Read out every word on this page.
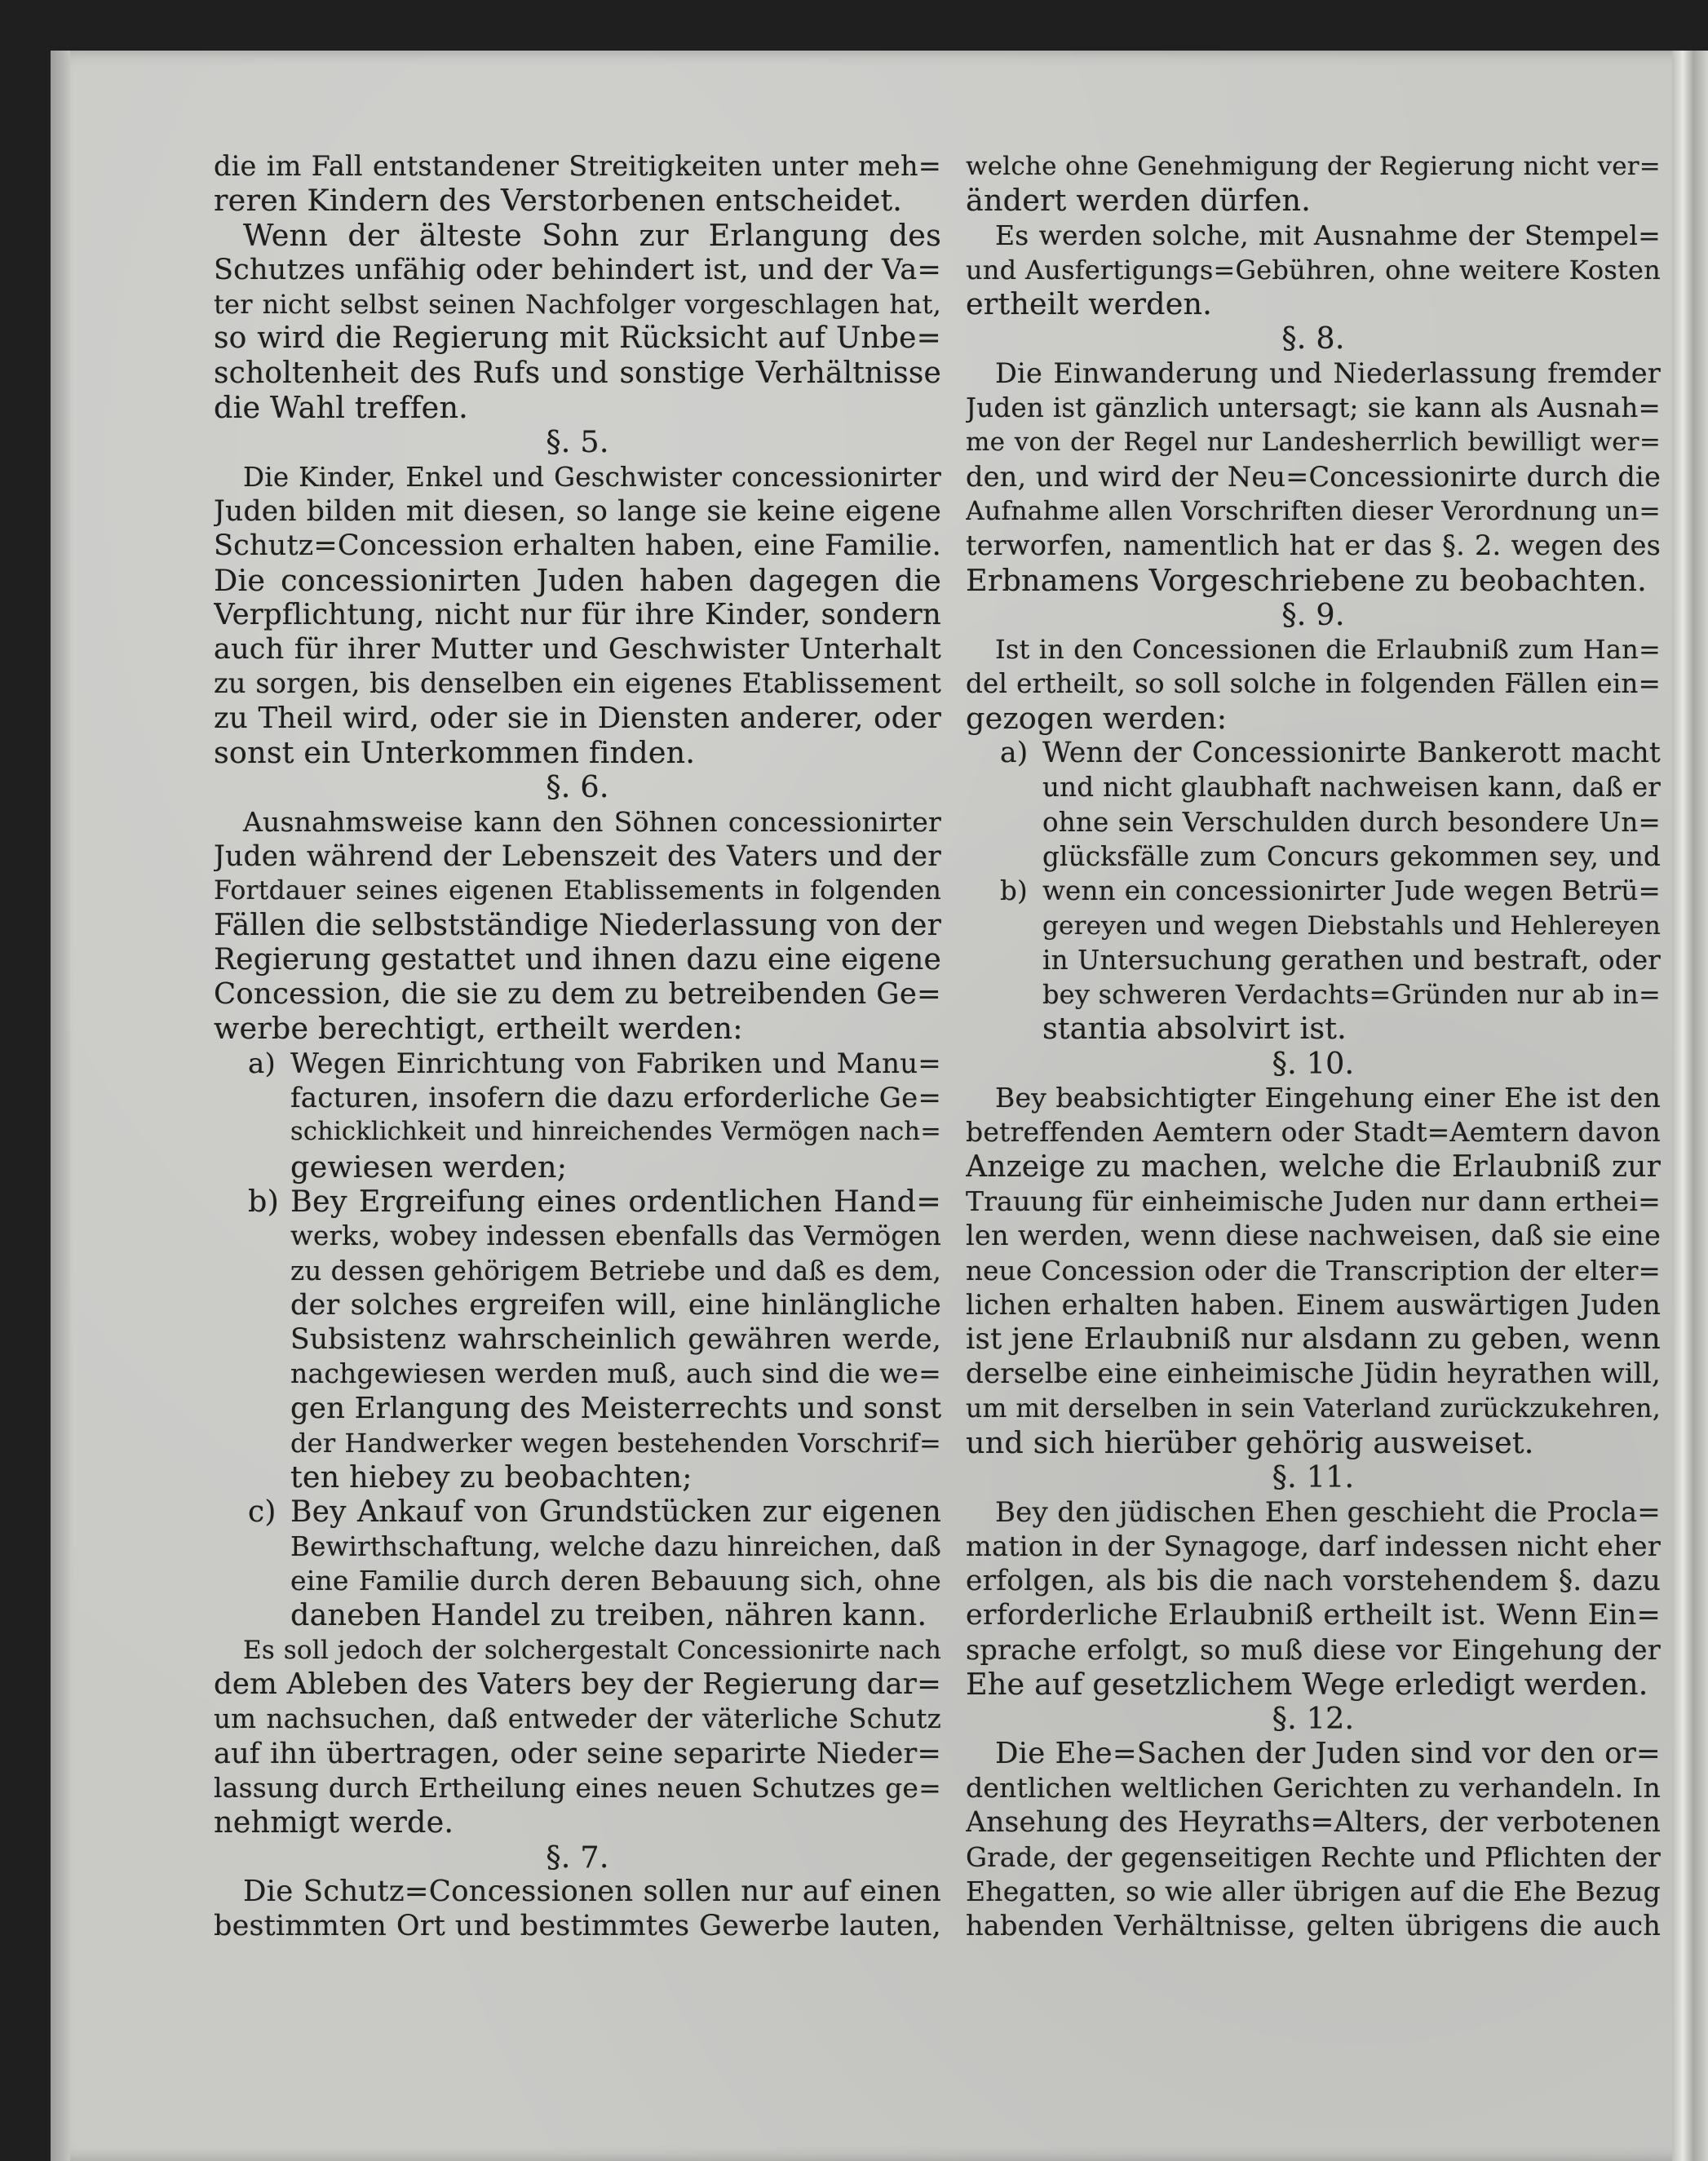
die im Fall entstandener Streitigkeiten unter meh=
reren Kindern des Verstorbenen entscheidet.
Wenn der älteste Sohn zur Erlangung des
Schutzes unfähig oder behindert ist, und der Va=
ter nicht selbst seinen Nachfolger vorgeschlagen hat,
so wird die Regierung mit Rücksicht auf Unbe=
scholtenheit des Rufs und sonstige Verhältnisse
die Wahl treffen.
§. 5.
Die Kinder, Enkel und Geschwister concessionirter
Juden bilden mit diesen, so lange sie keine eigene
Schutz=Concession erhalten haben, eine Familie.
Die concessionirten Juden haben dagegen die
Verpflichtung, nicht nur für ihre Kinder, sondern
auch für ihrer Mutter und Geschwister Unterhalt
zu sorgen, bis denselben ein eigenes Etablissement
zu Theil wird, oder sie in Diensten anderer, oder
sonst ein Unterkommen finden.
§. 6.
Ausnahmsweise kann den Söhnen concessionirter
Juden während der Lebenszeit des Vaters und der
Fortdauer seines eigenen Etablissements in folgenden
Fällen die selbstständige Niederlassung von der
Regierung gestattet und ihnen dazu eine eigene
Concession, die sie zu dem zu betreibenden Ge=
werbe berechtigt, ertheilt werden:
a) Wegen Einrichtung von Fabriken und Manu=
facturen, insofern die dazu erforderliche Ge=
schicklichkeit und hinreichendes Vermögen nach=
gewiesen werden;
b) Bey Ergreifung eines ordentlichen Hand=
werks, wobey indessen ebenfalls das Vermögen
zu dessen gehörigem Betriebe und daß es dem,
der solches ergreifen will, eine hinlängliche
Subsistenz wahrscheinlich gewähren werde,
nachgewiesen werden muß, auch sind die we=
gen Erlangung des Meisterrechts und sonst
der Handwerker wegen bestehenden Vorschrif=
ten hiebey zu beobachten;
c) Bey Ankauf von Grundstücken zur eigenen
Bewirthschaftung, welche dazu hinreichen, daß
eine Familie durch deren Bebauung sich, ohne
daneben Handel zu treiben, nähren kann.
Es soll jedoch der solchergestalt Concessionirte nach
dem Ableben des Vaters bey der Regierung dar=
um nachsuchen, daß entweder der väterliche Schutz
auf ihn übertragen, oder seine separirte Nieder=
lassung durch Ertheilung eines neuen Schutzes ge=
nehmigt werde.
§. 7.
Die Schutz=Concessionen sollen nur auf einen
bestimmten Ort und bestimmtes Gewerbe lauten,
welche ohne Genehmigung der Regierung nicht ver=
ändert werden dürfen.
Es werden solche, mit Ausnahme der Stempel=
und Ausfertigungs=Gebühren, ohne weitere Kosten
ertheilt werden.
§. 8.
Die Einwanderung und Niederlassung fremder
Juden ist gänzlich untersagt; sie kann als Ausnah=
me von der Regel nur Landesherrlich bewilligt wer=
den, und wird der Neu=Concessionirte durch die
Aufnahme allen Vorschriften dieser Verordnung un=
terworfen, namentlich hat er das §. 2. wegen des
Erbnamens Vorgeschriebene zu beobachten.
§. 9.
Ist in den Concessionen die Erlaubniß zum Han=
del ertheilt, so soll solche in folgenden Fällen ein=
gezogen werden:
a) Wenn der Concessionirte Bankerott macht
und nicht glaubhaft nachweisen kann, daß er
ohne sein Verschulden durch besondere Un=
glücksfälle zum Concurs gekommen sey, und
b) wenn ein concessionirter Jude wegen Betrü=
gereyen und wegen Diebstahls und Hehlereyen
in Untersuchung gerathen und bestraft, oder
bey schweren Verdachts=Gründen nur ab in=
stantia absolvirt ist.
§. 10.
Bey beabsichtigter Eingehung einer Ehe ist den
betreffenden Aemtern oder Stadt=Aemtern davon
Anzeige zu machen, welche die Erlaubniß zur
Trauung für einheimische Juden nur dann erthei=
len werden, wenn diese nachweisen, daß sie eine
neue Concession oder die Transcription der elter=
lichen erhalten haben. Einem auswärtigen Juden
ist jene Erlaubniß nur alsdann zu geben, wenn
derselbe eine einheimische Jüdin heyrathen will,
um mit derselben in sein Vaterland zurückzukehren,
und sich hierüber gehörig ausweiset.
§. 11.
Bey den jüdischen Ehen geschieht die Procla=
mation in der Synagoge, darf indessen nicht eher
erfolgen, als bis die nach vorstehendem §. dazu
erforderliche Erlaubniß ertheilt ist. Wenn Ein=
sprache erfolgt, so muß diese vor Eingehung der
Ehe auf gesetzlichem Wege erledigt werden.
§. 12.
Die Ehe=Sachen der Juden sind vor den or=
dentlichen weltlichen Gerichten zu verhandeln. In
Ansehung des Heyraths=Alters, der verbotenen
Grade, der gegenseitigen Rechte und Pflichten der
Ehegatten, so wie aller übrigen auf die Ehe Bezug
habenden Verhältnisse, gelten übrigens die auch
